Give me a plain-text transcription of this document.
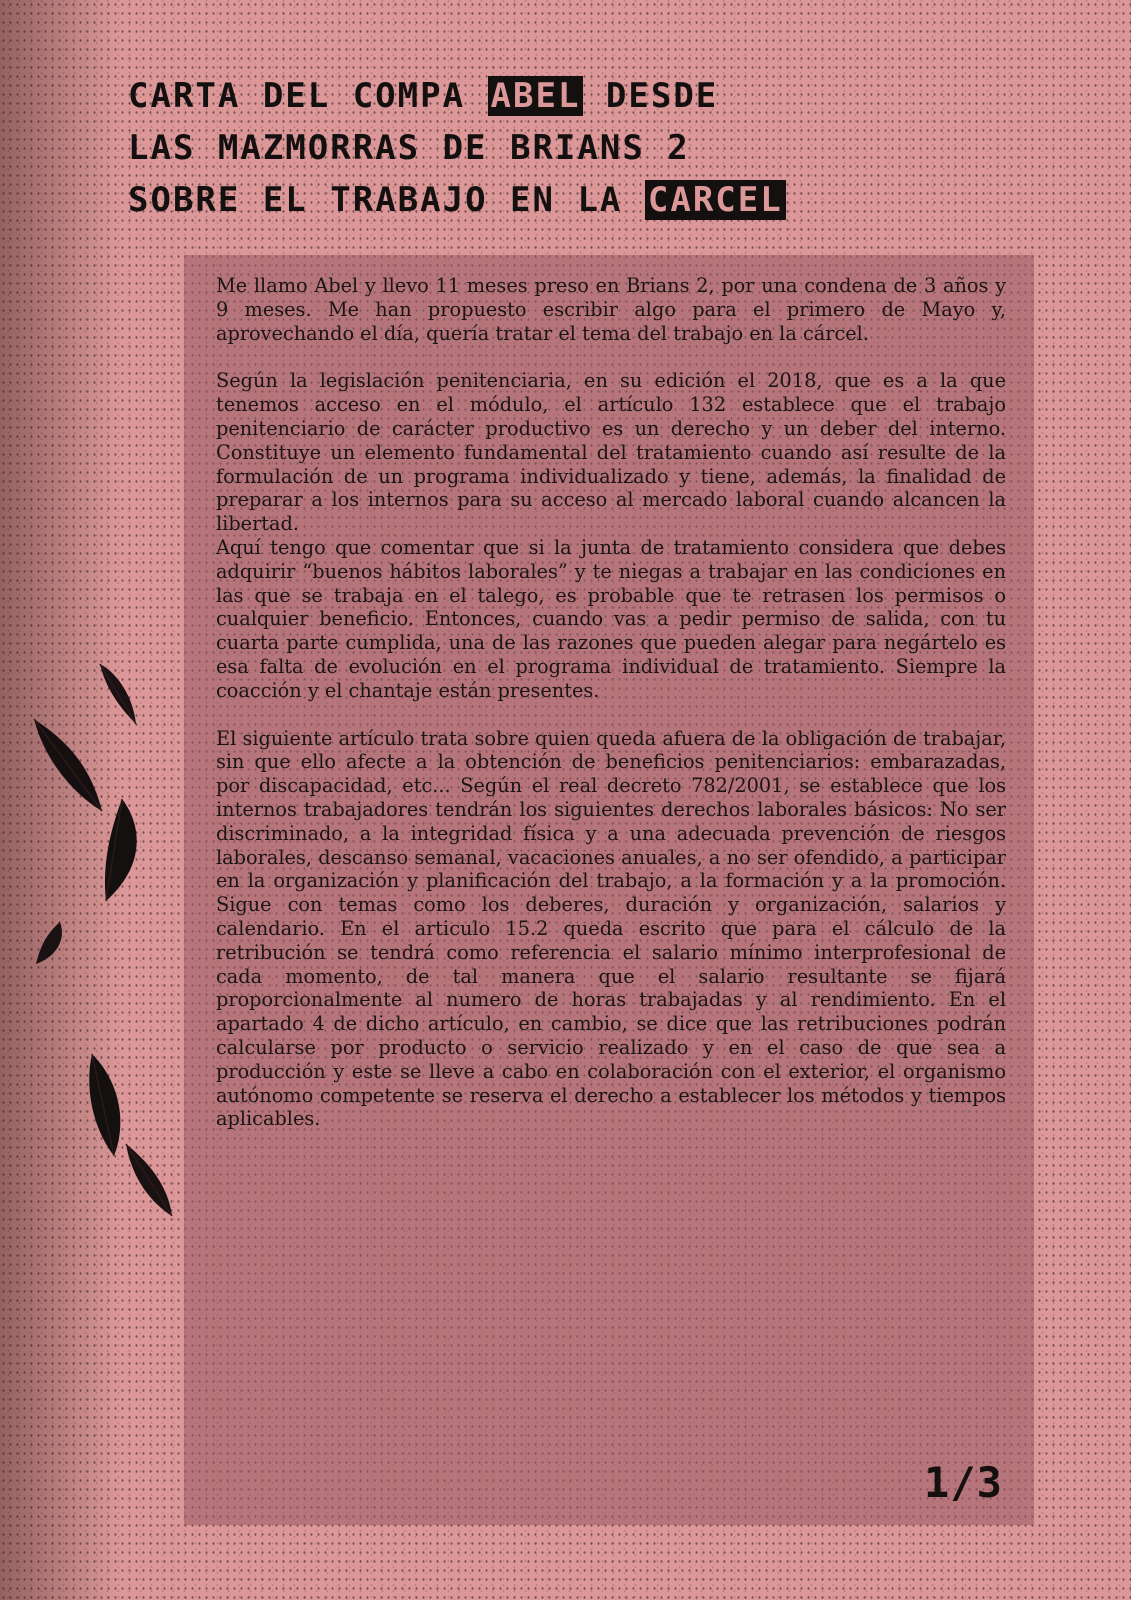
CARTA DEL COMPA ABEL DESDE
LAS MAZMORRAS DE BRIANS 2
SOBRE EL TRABAJO EN LA CARCEL

Me llamo Abel y llevo 11 meses preso en Brians 2, por una condena de 3 años y 9 meses. Me han propuesto escribir algo para el primero de Mayo y, aprovechando el día, quería tratar el tema del trabajo en la cárcel.

Según la legislación penitenciaria, en su edición el 2018, que es a la que tenemos acceso en el módulo, el artículo 132 establece que el trabajo penitenciario de carácter productivo es un derecho y un deber del interno. Constituye un elemento fundamental del tratamiento cuando así resulte de la formulación de un programa individualizado y tiene, además, la finalidad de preparar a los internos para su acceso al mercado laboral cuando alcancen la libertad.

Aquí tengo que comentar que si la junta de tratamiento considera que debes adquirir “buenos hábitos laborales” y te niegas a trabajar en las condiciones en las que se trabaja en el talego, es probable que te retrasen los permisos o cualquier beneficio. Entonces, cuando vas a pedir permiso de salida, con tu cuarta parte cumplida, una de las razones que pueden alegar para negártelo es esa falta de evolución en el programa individual de tratamiento. Siempre la coacción y el chantaje están presentes.

El siguiente artículo trata sobre quien queda afuera de la obligación de trabajar, sin que ello afecte a la obtención de beneficios penitenciarios: embarazadas, por discapacidad, etc... Según el real decreto 782/2001, se establece que los internos trabajadores tendrán los siguientes derechos laborales básicos: No ser discriminado, a la integridad física y a una adecuada prevención de riesgos laborales, descanso semanal, vacaciones anuales, a no ser ofendido, a participar en la organización y planificación del trabajo, a la formación y a la promoción. Sigue con temas como los deberes, duración y organización, salarios y calendario. En el articulo 15.2 queda escrito que para el cálculo de la retribución se tendrá como referencia el salario mínimo interprofesional de cada momento, de tal manera que el salario resultante se fijará proporcionalmente al numero de horas trabajadas y al rendimiento. En el apartado 4 de dicho artículo, en cambio, se dice que las retribuciones podrán calcularse por producto o servicio realizado y en el caso de que sea a producción y este se lleve a cabo en colaboración con el exterior, el organismo autónomo competente se reserva el derecho a establecer los métodos y tiempos aplicables.

1/3
